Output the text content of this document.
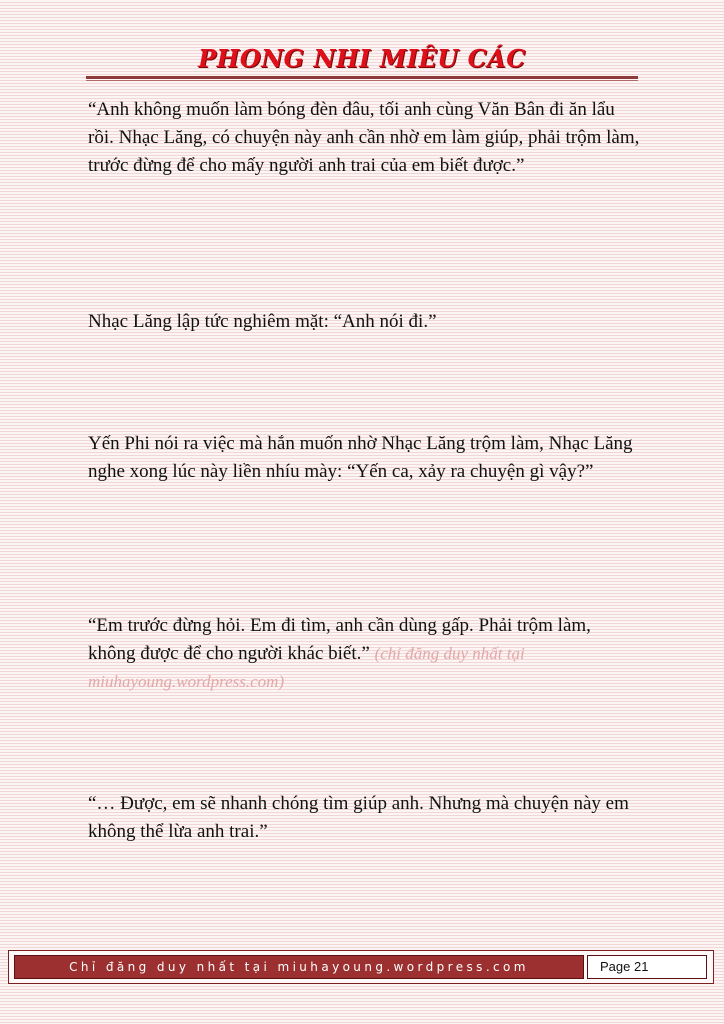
PHONG NHI MIÊU CÁC

“Anh không muốn làm bóng đèn đâu, tối anh cùng Văn Bân đi ăn lẩu rồi. Nhạc Lăng, có chuyện này anh cần nhờ em làm giúp, phải trộm làm, trước đừng để cho mấy người anh trai của em biết được.”

Nhạc Lăng lập tức nghiêm mặt: “Anh nói đi.”

Yến Phi nói ra việc mà hắn muốn nhờ Nhạc Lăng trộm làm, Nhạc Lăng nghe xong lúc này liền nhíu mày: “Yến ca, xảy ra chuyện gì vậy?”

“Em trước đừng hỏi. Em đi tìm, anh cần dùng gấp. Phải trộm làm, không được để cho người khác biết.” (chỉ đăng duy nhất tại miuhayoung.wordpress.com)

“… Được, em sẽ nhanh chóng tìm giúp anh. Nhưng mà chuyện này em không thể lừa anh trai.”

Chỉ đăng duy nhất tại miuhayoung.wordpress.com	Page 21
